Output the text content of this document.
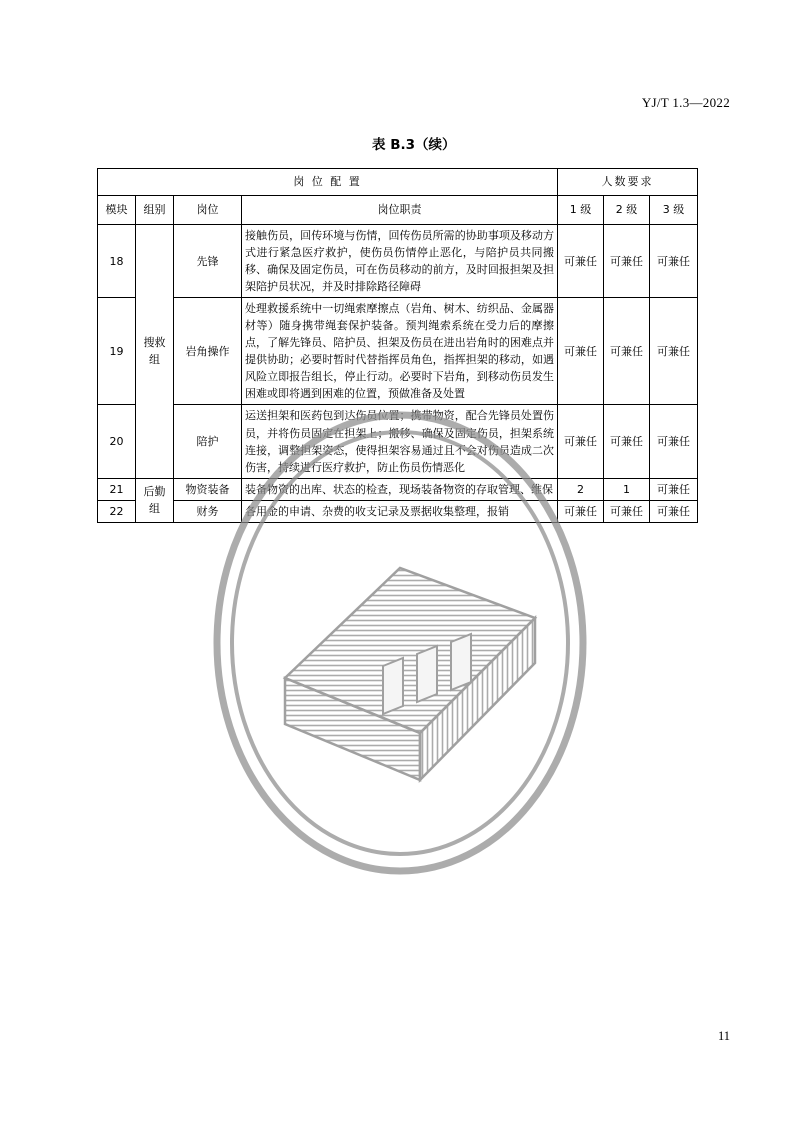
YJ/T 1.3—2022
表 B.3（续）
岗 位 配 置				人数要求		
模块	组别	岗位	岗位职责	1 级	2 级	3 级
18	搜救组	先锋	接触伤员，回传环境与伤情，回传伤员所需的协助事项及移动方式进行紧急医疗救护，使伤员伤情停止恶化，与陪护员共同搬移、确保及固定伤员，可在伤员移动的前方，及时回报担架及担架陪护员状况，并及时排除路径障碍	可兼任	可兼任	可兼任
19		岩角操作	处理救援系统中一切绳索摩擦点（岩角、树木、纺织品、金属器材等）随身携带绳套保护装备。预判绳索系统在受力后的摩擦点，了解先锋员、陪护员、担架及伤员在进出岩角时的困难点并提供协助；必要时暂时代替指挥员角色，指挥担架的移动，如遇风险立即报告组长，停止行动。必要时下岩角，到移动伤员发生困难或即将遇到困难的位置，预做准备及处置	可兼任	可兼任	可兼任
20		陪护	运送担架和医药包到达伤员位置；携带物资，配合先锋员处置伤员，并将伤员固定在担架上；搬移、确保及固定伤员，担架系统连接，调整担架姿态，使得担架容易通过且不会对伤员造成二次伤害，持续进行医疗救护，防止伤员伤情恶化	可兼任	可兼任	可兼任
21	后勤组	物资装备	装备物资的出库、状态的检查，现场装备物资的存取管理、维保	2	1	可兼任
22		财务	各用金的申请、杂费的收支记录及票据收集整理，报销	可兼任	可兼任	可兼任
11
